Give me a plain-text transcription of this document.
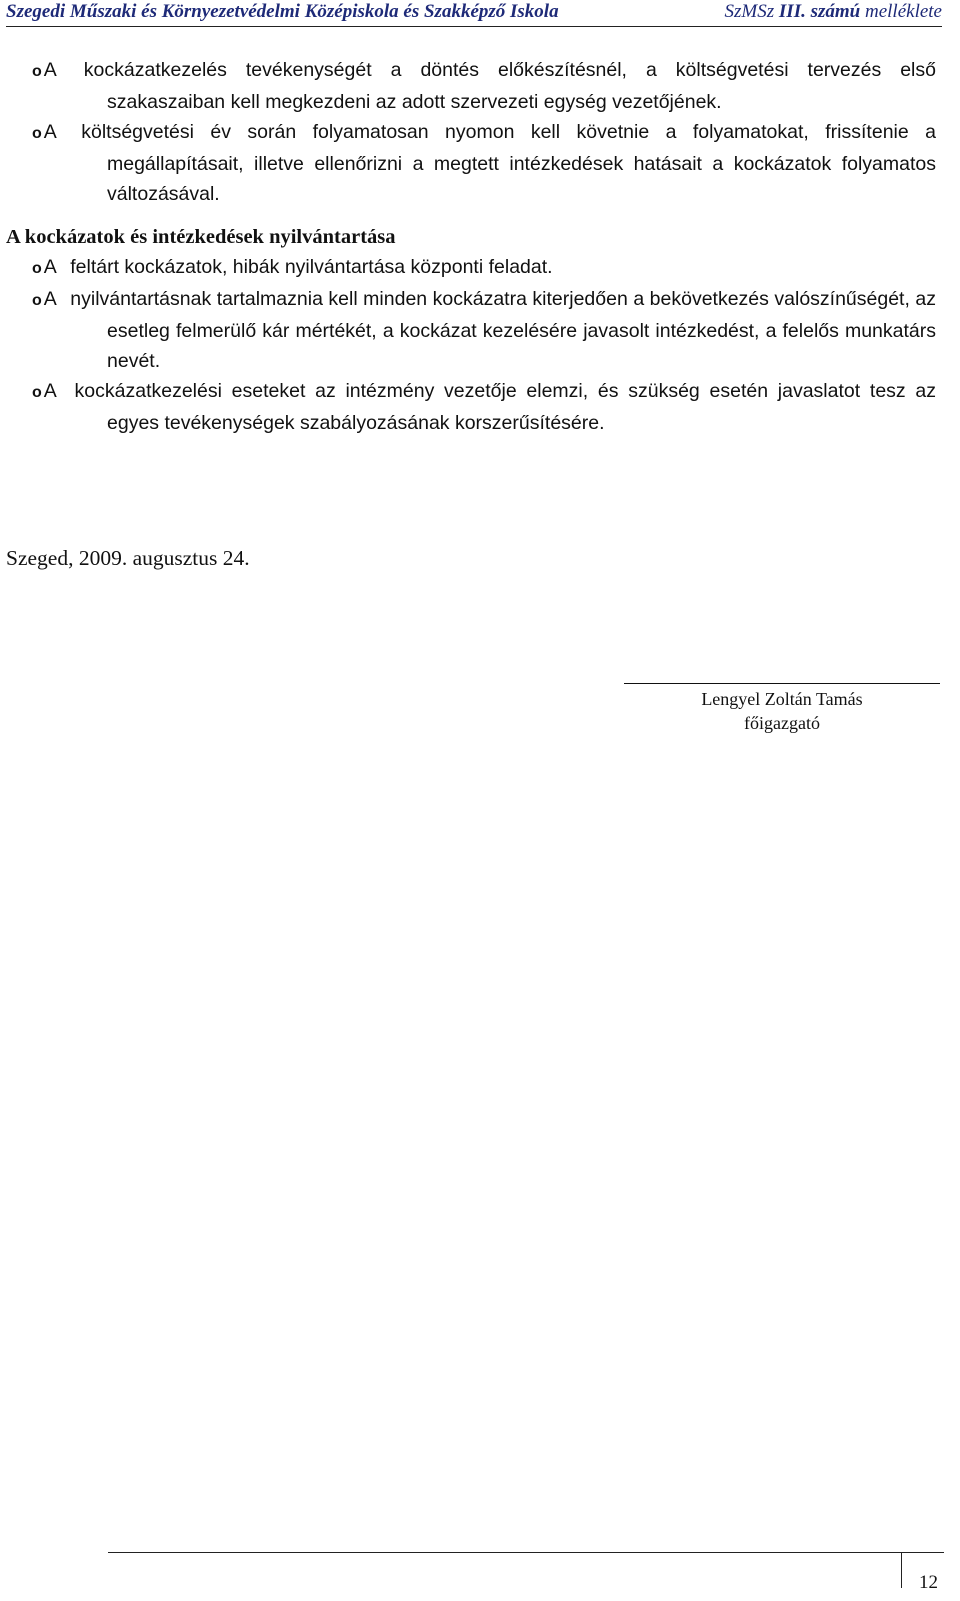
Szegedi Műszaki és Környezetvédelmi Középiskola és Szakképző Iskola	SzMSz III. számú melléklete
o A kockázatkezelés tevékenységét a döntés előkészítésnél, a költségvetési tervezés első szakaszaiban kell megkezdeni az adott szervezeti egység vezetőjének.
o A költségvetési év során folyamatosan nyomon kell követnie a folyamatokat, frissítenie a megállapításait, illetve ellenőrizni a megtett intézkedések hatásait a kockázatok folyamatos változásával.
A kockázatok és intézkedések nyilvántartása
o A feltárt kockázatok, hibák nyilvántartása központi feladat.
o A nyilvántartásnak tartalmaznia kell minden kockázatra kiterjedően a bekövetkezés valószínűségét, az esetleg felmerülő kár mértékét, a kockázat kezelésére javasolt intézkedést, a felelős munkatárs nevét.
o A kockázatkezelési eseteket az intézmény vezetője elemzi, és szükség esetén javaslatot tesz az egyes tevékenységek szabályozásának korszerűsítésére.
Szeged, 2009. augusztus 24.
Lengyel Zoltán Tamás
főigazgató
12
